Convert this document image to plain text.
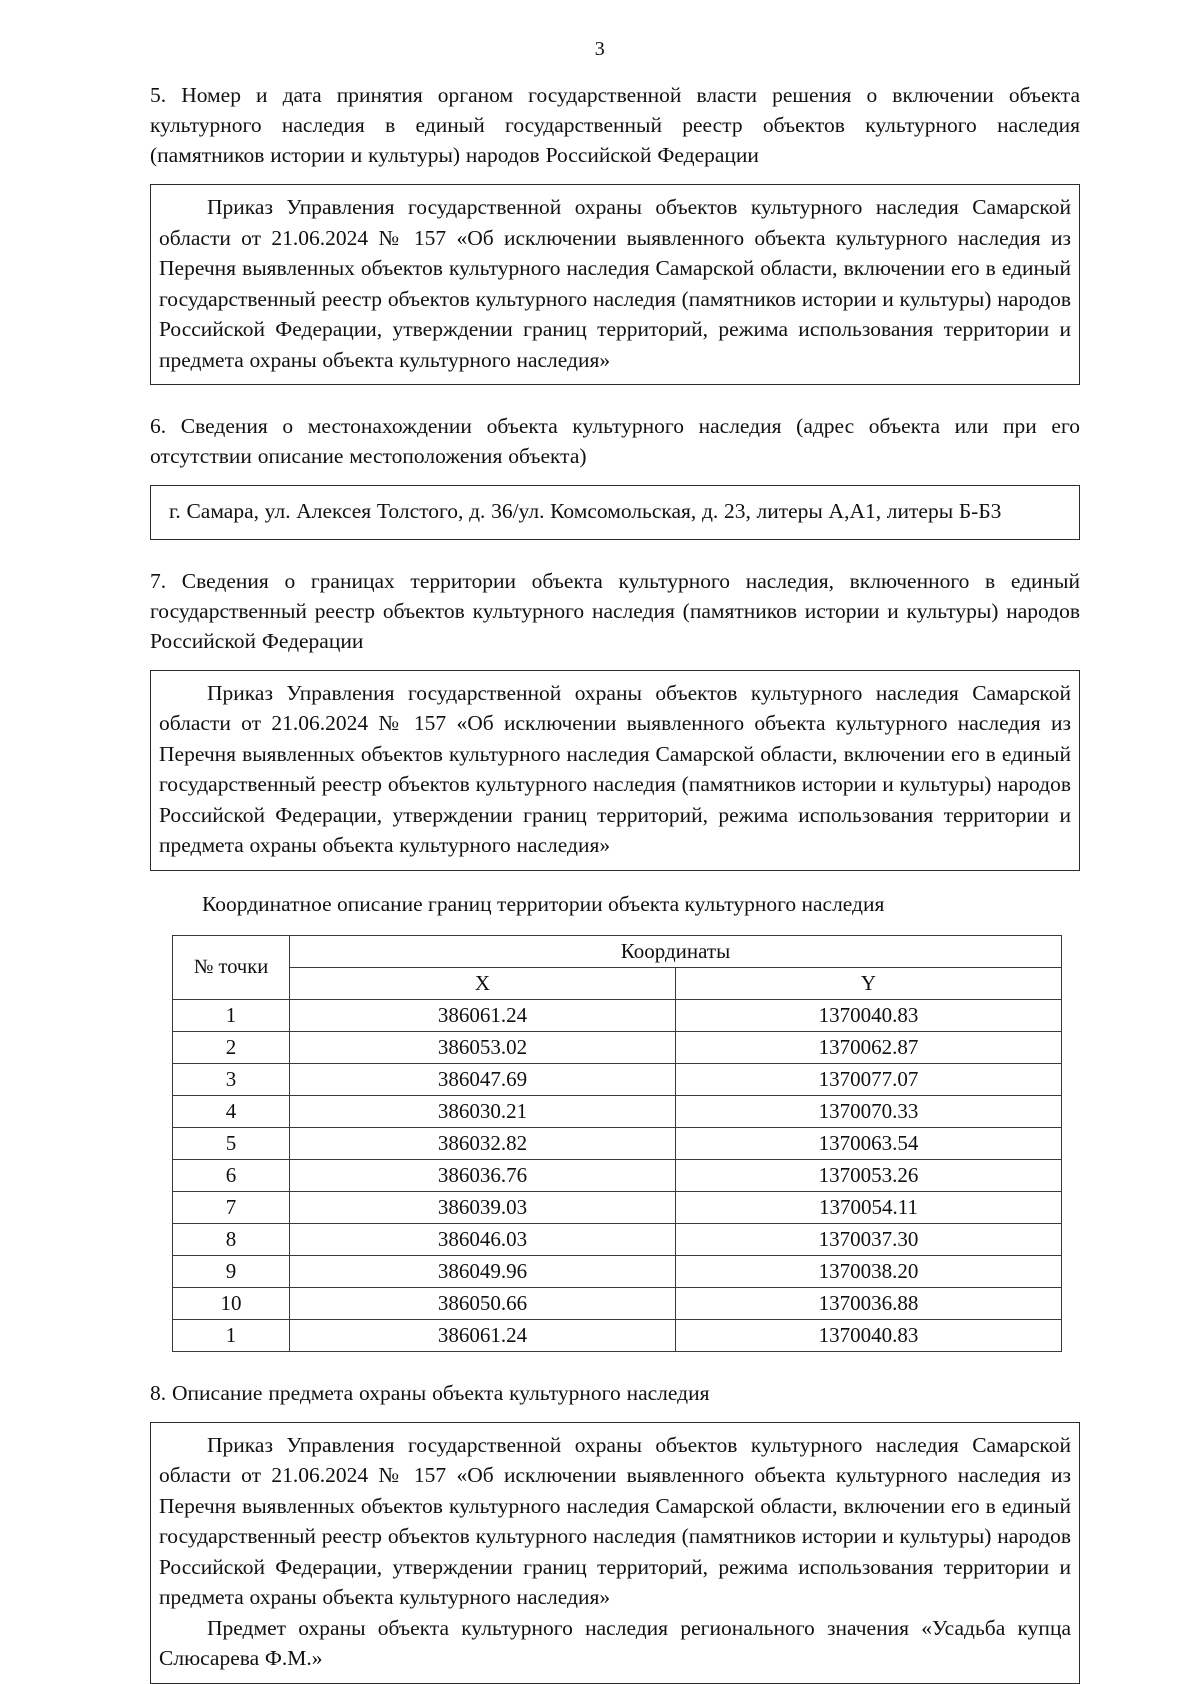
3
5. Номер и дата принятия органом государственной власти решения о включении объекта культурного наследия в единый государственный реестр объектов культурного наследия (памятников истории и культуры) народов Российской Федерации

Приказ Управления государственной охраны объектов культурного наследия Самарской области от 21.06.2024 № 157 «Об исключении выявленного объекта культурного наследия из Перечня выявленных объектов культурного наследия Самарской области, включении его в единый государственный реестр объектов культурного наследия (памятников истории и культуры) народов Российской Федерации, утверждении границ территорий, режима использования территории и предмета охраны объекта культурного наследия»

6. Сведения о местонахождении объекта культурного наследия (адрес объекта или при его отсутствии описание местоположения объекта)

г. Самара, ул. Алексея Толстого, д. 36/ул. Комсомольская, д. 23, литеры А,А1, литеры Б-Б3

7. Сведения о границах территории объекта культурного наследия, включенного в единый государственный реестр объектов культурного наследия (памятников истории и культуры) народов Российской Федерации

Приказ Управления государственной охраны объектов культурного наследия Самарской области от 21.06.2024 № 157 «Об исключении выявленного объекта культурного наследия из Перечня выявленных объектов культурного наследия Самарской области, включении его в единый государственный реестр объектов культурного наследия (памятников истории и культуры) народов Российской Федерации, утверждении границ территорий, режима использования территории и предмета охраны объекта культурного наследия»

Координатное описание границ территории объекта культурного наследия
№ точки	Координаты	
	X	Y
1	386061.24	1370040.83
2	386053.02	1370062.87
3	386047.69	1370077.07
4	386030.21	1370070.33
5	386032.82	1370063.54
6	386036.76	1370053.26
7	386039.03	1370054.11
8	386046.03	1370037.30
9	386049.96	1370038.20
10	386050.66	1370036.88
1	386061.24	1370040.83
8. Описание предмета охраны объекта культурного наследия

Приказ Управления государственной охраны объектов культурного наследия Самарской области от 21.06.2024 № 157 «Об исключении выявленного объекта культурного наследия из Перечня выявленных объектов культурного наследия Самарской области, включении его в единый государственный реестр объектов культурного наследия (памятников истории и культуры) народов Российской Федерации, утверждении границ территорий, режима использования территории и предмета охраны объекта культурного наследия»

Предмет охраны объекта культурного наследия регионального значения «Усадьба купца Слюсарева Ф.М.»
